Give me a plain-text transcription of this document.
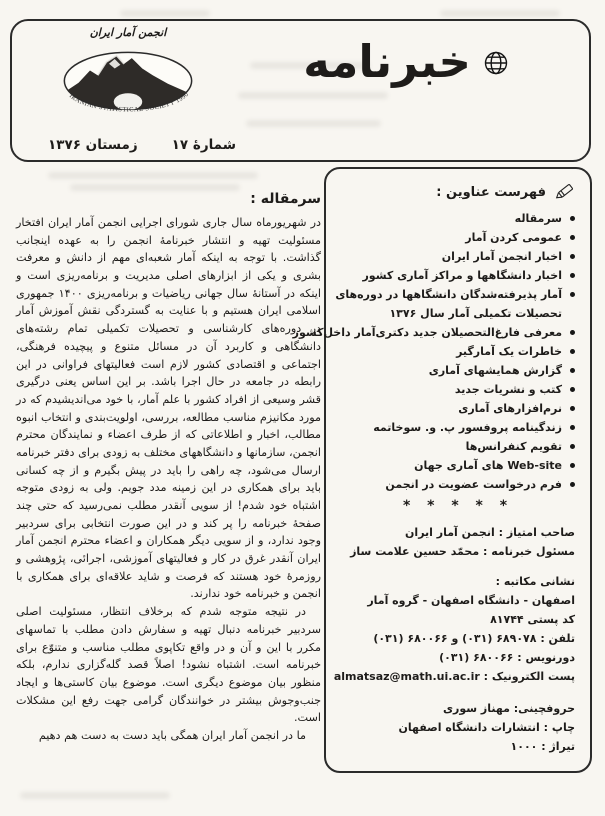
انجمن آمار ایران
IRANIAN STATISTICAL SOCIETY 1990
خبرنامه
شمارهٔ ۱۷
زمستان ۱۳۷۶
سرمقاله :

در شهریورماه سال جاری شورای اجرایی انجمن آمار ایران افتخار مسئولیت تهیه و انتشار خبرنامهٔ انجمن را به عهده اینجانب گذاشت. با توجه به اینکه آمار شعبه‌ای مهم از دانش و معرفت بشری و یکی از ابزارهای اصلی مدیریت و برنامه‌ریزی است و اینکه در آستانهٔ سال جهانی ریاضیات و برنامه‌ریزی ۱۴۰۰ جمهوری اسلامی ایران هستیم و با عنایت به گستردگی نقش آموزش آمار در دوره‌های کارشناسی و تحصیلات تکمیلی تمام رشته‌های دانشگاهی و کاربرد آن در مسائل متنوع و پیچیده فرهنگی، اجتماعی و اقتصادی کشور لازم است فعالیتهای فراوانی در این رابطه در جامعه در حال اجرا باشد. بر این اساس یعنی درگیری قشر وسیعی از افراد کشور با علم آمار، با خود می‌اندیشیدم که در مورد مکانیزم مناسب مطالعه، بررسی، اولویت‌بندی و انتخاب انبوه مطالب، اخبار و اطلاعاتی که از طرف اعضاء و نمایندگان محترم انجمن، سازمانها و دانشگاههای مختلف به زودی برای دفتر خبرنامه ارسال می‌شود، چه راهی را باید در پیش بگیرم و از چه کسانی باید برای همکاری در این زمینه مدد جویم. ولی به زودی متوجه اشتباه خود شدم! از سویی آنقدر مطلب نمی‌رسید که حتی چند صفحهٔ خبرنامه را پر کند و در این صورت انتخابی برای سردبیر وجود ندارد، و از سویی دیگر همکاران و اعضاء محترم انجمن آمار ایران آنقدر غرق در کار و فعالیتهای آموزشی، اجرائی، پژوهشی و روزمرهٔ خود هستند که فرصت و شاید علاقه‌ای برای همکاری با انجمن و خبرنامه خود ندارند.

در نتیجه متوجه شدم که برخلاف انتظار، مسئولیت اصلی سردبیر خبرنامه دنبال تهیه و سفارش دادن مطلب با تماسهای مکرر با این و آن و در واقع تکاپوی مطلب مناسب و متنوّع برای خبرنامه است. اشتباه نشود! اصلاً قصد گله‌گزاری ندارم، بلکه منظور بیان موضوع دیگری است. موضوع بیان کاستی‌ها و ایجاد جنب‌وجوش بیشتر در خوانندگان گرامی جهت رفع این مشکلات است.

ما در انجمن آمار ایران همگی باید دست به دست هم دهیم

فهرست عناوین :
سرمقاله
عمومی کردن آمار
اخبار انجمن آمار ایران
اخبار دانشگاهها و مراکز آماری کشور
آمار پذیرفته‌شدگان دانشگاهها در دوره‌های
تحصیلات تکمیلی آمار سال ۱۳۷۶
معرفی فارغ‌التحصیلان جدید دکتری‌آمار داخل‌کشور
خاطرات یک آمارگیر
گزارش همایشهای آماری
کتب و نشریات جدید
نرم‌افزارهای آماری
زندگینامه پروفسور پ. و. سوخاتمه
تقویم کنفرانس‌ها
Web-site های آماری جهان
فرم درخواست عضویت در انجمن
* * * * *
صاحب امتیاز : انجمن آمار ایران
مسئول خبرنامه : محمّد حسین علامت ساز
نشانی مکاتبه :
اصفهان - دانشگاه اصفهان - گروه آمار
کد پستی ۸۱۷۴۴
تلفن : ۶۸۹۰۷۸ (۰۳۱) و ۶۸۰۰۶۶ (۰۳۱)
دورنویس : ۶۸۰۰۶۶ (۰۳۱)
پست الکترونیک : almatsaz@math.ui.ac.ir
حروفچینی: مهناز سوری
چاپ : انتشارات دانشگاه اصفهان
تیراژ : ۱۰۰۰
